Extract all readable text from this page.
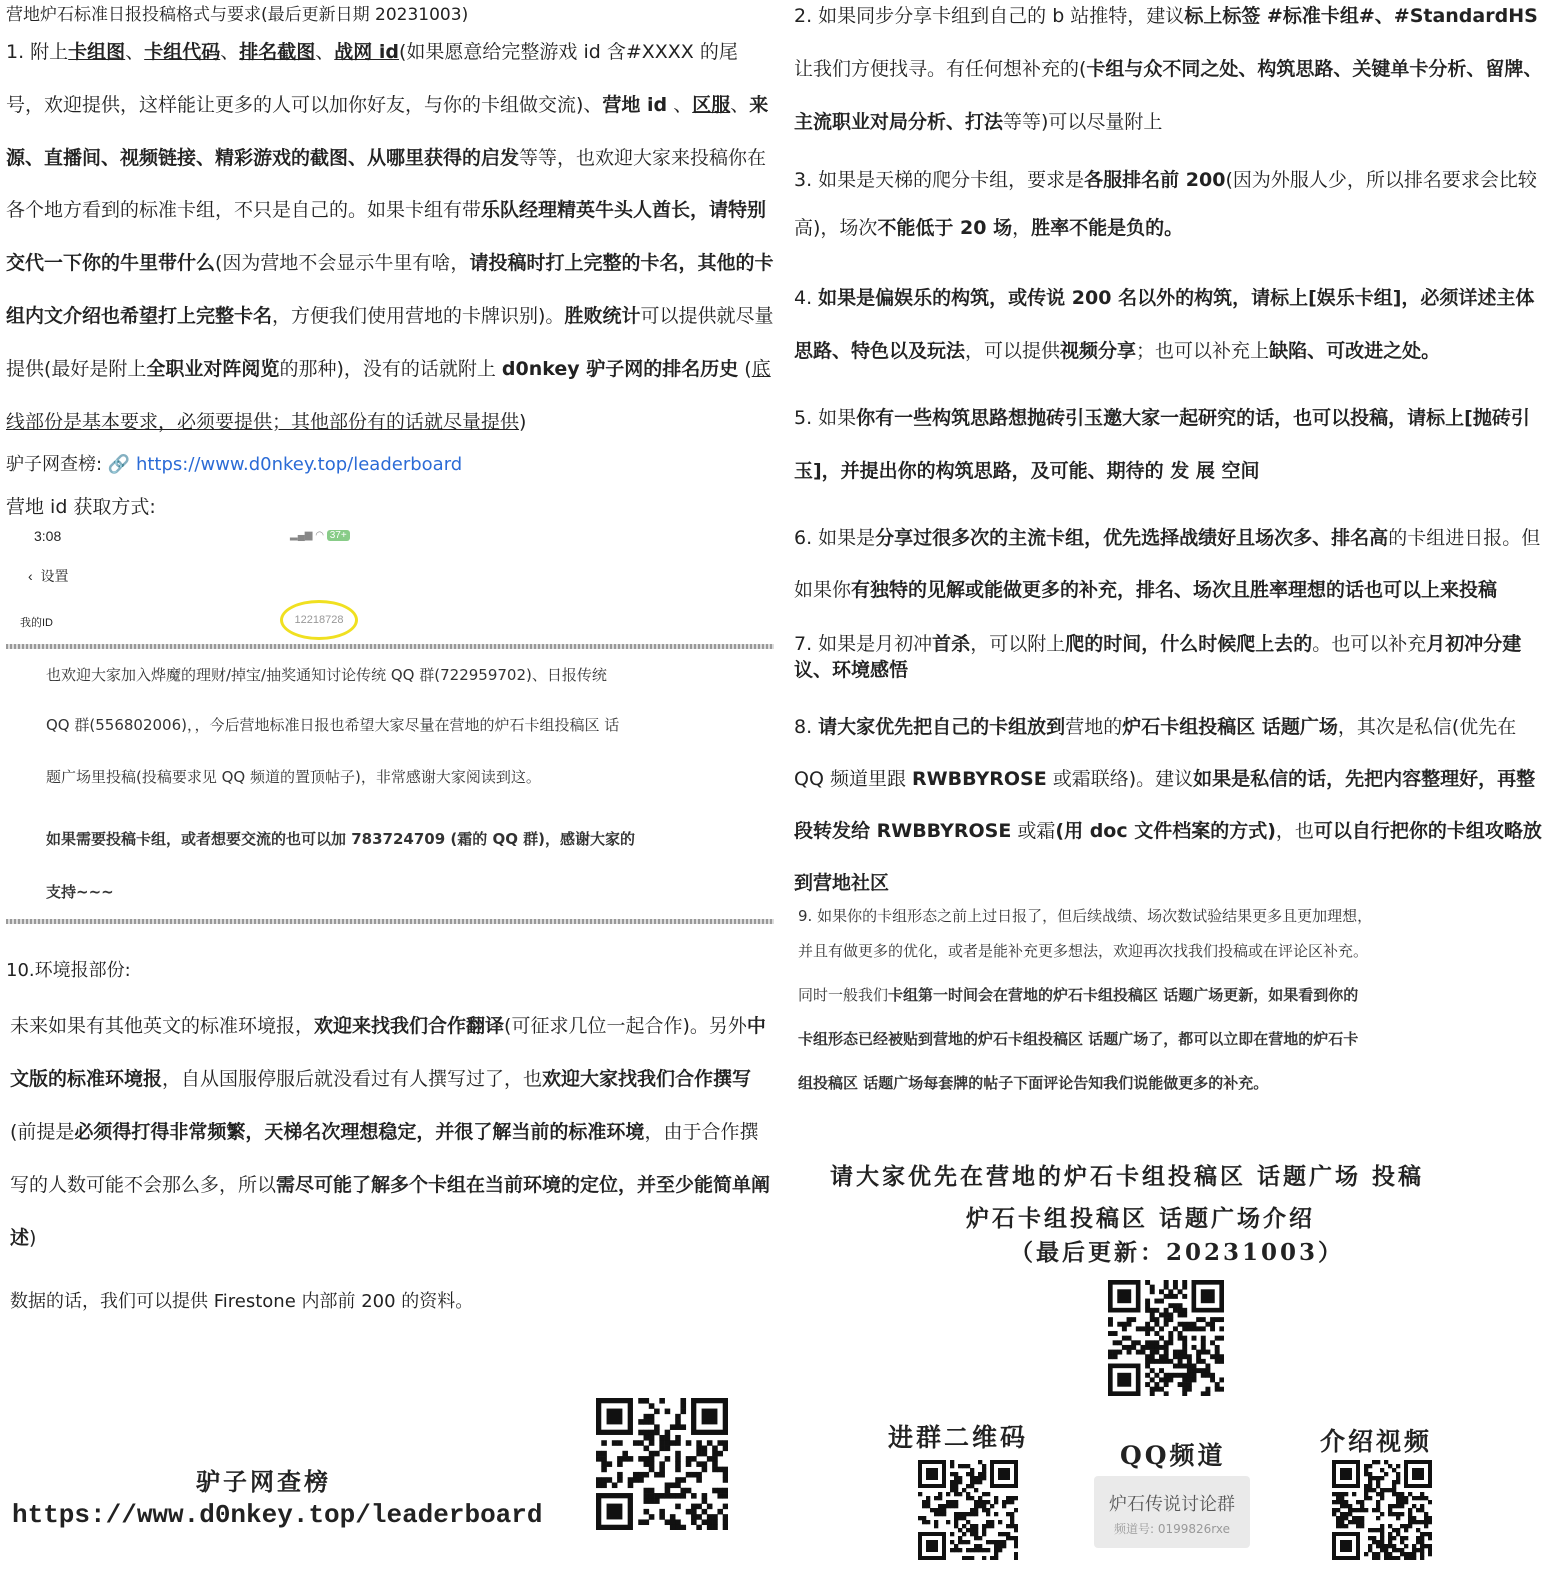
营地炉石标准日报投稿格式与要求(最后更新日期 20231003)

1. 附上卡组图、卡组代码、排名截图、战网 id(如果愿意给完整游戏 id 含#XXXX 的尾号，欢迎提供，这样能让更多的人可以加你好友，与你的卡组做交流)、营地 id 、区服、来源、直播间、视频链接、精彩游戏的截图、从哪里获得的启发等等，也欢迎大家来投稿你在各个地方看到的标准卡组，不只是自己的。如果卡组有带乐队经理精英牛头人酋长，请特别交代一下你的牛里带什么(因为营地不会显示牛里有啥，请投稿时打上完整的卡名，其他的卡组内文介绍也希望打上完整卡名，方便我们使用营地的卡牌识别)。胜败统计可以提供就尽量提供(最好是附上全职业对阵阅览的那种)，没有的话就附上 d0nkey 驴子网的排名历史 (底线部份是基本要求，必须要提供；其他部份有的话就尽量提供)

驴子网查榜: 🔗 https://www.d0nkey.top/leaderboard
营地 id 获取方式:
3:08	▂▄▆ ◠ 37+
‹  设置
我的ID	12218728

也欢迎大家加入烨魔的理财/掉宝/抽奖通知讨论传统 QQ 群(722959702)、日报传统

QQ 群(556802006)，，今后营地标准日报也希望大家尽量在营地的炉石卡组投稿区 话

题广场里投稿(投稿要求见 QQ 频道的置顶帖子)，非常感谢大家阅读到这。

如果需要投稿卡组，或者想要交流的也可以加 783724709 (霜的 QQ 群)，感谢大家的

支持~~~

10.环境报部份:

未来如果有其他英文的标准环境报，欢迎来找我们合作翻译(可征求几位一起合作)。另外中文版的标准环境报，自从国服停服后就没看过有人撰写过了，也欢迎大家找我们合作撰写(前提是必须得打得非常频繁，天梯名次理想稳定，并很了解当前的标准环境，由于合作撰写的人数可能不会那么多，所以需尽可能了解多个卡组在当前环境的定位，并至少能简单阐述)

数据的话，我们可以提供 Firestone 内部前 200 的资料。
驴子网查榜
https://www.d0nkey.top/leaderboard

2. 如果同步分享卡组到自己的 b 站推特，建议标上标签 #标准卡组#、#StandardHS 让我们方便找寻。有任何想补充的(卡组与众不同之处、构筑思路、关键单卡分析、留牌、主流职业对局分析、打法等等)可以尽量附上

3. 如果是天梯的爬分卡组，要求是各服排名前 200(因为外服人少，所以排名要求会比较高)，场次不能低于 20 场，胜率不能是负的。

4. 如果是偏娱乐的构筑，或传说 200 名以外的构筑，请标上[娱乐卡组]，必须详述主体思路、特色以及玩法，可以提供视频分享；也可以补充上缺陷、可改进之处。

5. 如果你有一些构筑思路想抛砖引玉邀大家一起研究的话，也可以投稿，请标上[抛砖引玉]，并提出你的构筑思路，及可能、期待的 发 展 空间

6. 如果是分享过很多次的主流卡组，优先选择战绩好且场次多、排名高的卡组进日报。但如果你有独特的见解或能做更多的补充，排名、场次且胜率理想的话也可以上来投稿

7. 如果是月初冲首杀，可以附上爬的时间，什么时候爬上去的。也可以补充月初冲分建议、环境感悟

8. 请大家优先把自己的卡组放到营地的炉石卡组投稿区 话题广场，其次是私信(优先在 QQ 频道里跟 RWBBYROSE 或霜联络)。建议如果是私信的话，先把内容整理好，再整段转发给 RWBBYROSE 或霜(用 doc 文件档案的方式)，也可以自行把你的卡组攻略放到营地社区

9. 如果你的卡组形态之前上过日报了，但后续战绩、场次数试验结果更多且更加理想，

并且有做更多的优化，或者是能补充更多想法，欢迎再次找我们投稿或在评论区补充。

同时一般我们卡组第一时间会在营地的炉石卡组投稿区 话题广场更新，如果看到你的

卡组形态已经被贴到营地的炉石卡组投稿区 话题广场了，都可以立即在营地的炉石卡

组投稿区 话题广场每套牌的帖子下面评论告知我们说能做更多的补充。

请大家优先在营地的炉石卡组投稿区 话题广场 投稿
炉石卡组投稿区 话题广场介绍
（最后更新：20231003）
进群二维码
QQ频道	介绍视频
炉石传说讨论群
频道号: 0199826rxe
